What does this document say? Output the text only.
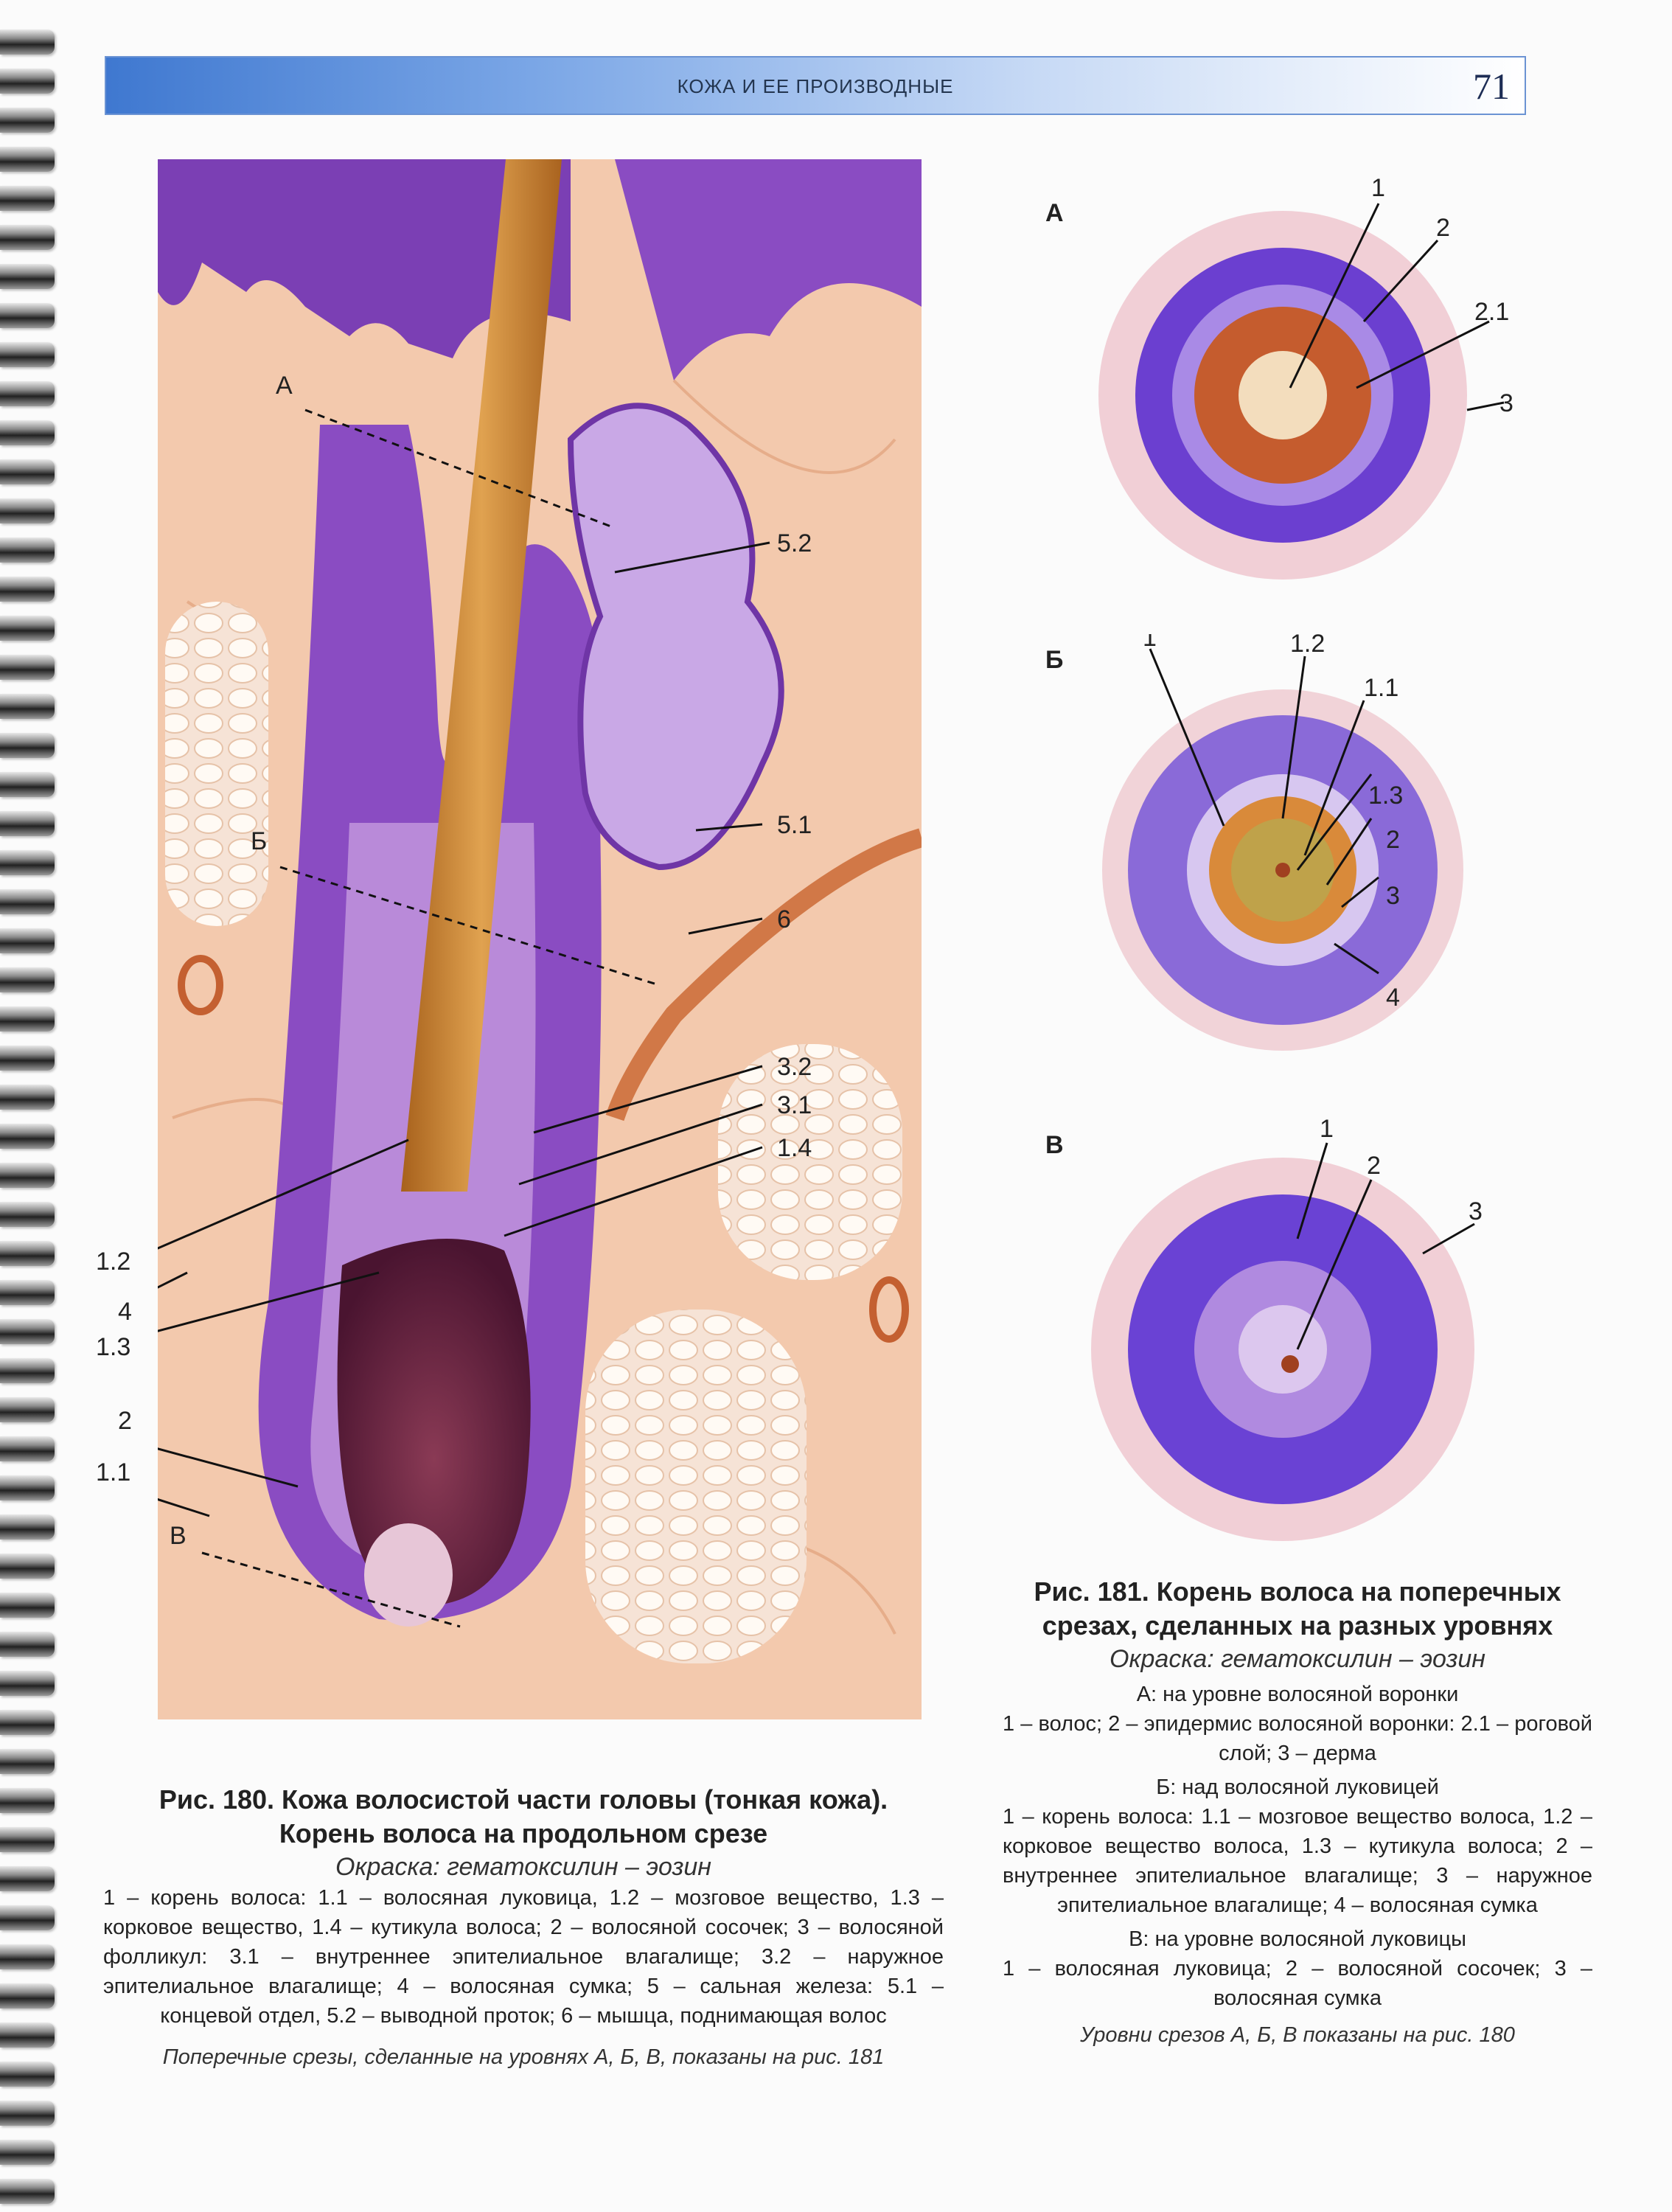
КОЖА И ЕЕ ПРОИЗВОДНЫЕ	71
А
Б
В
5.2
5.1
6
3.2
3.1
1.4
1.2
4
1.3
2
1.1
А
1
2
2.1
3
Б
1	1.2
1.1
1.3
2
3
4
В
1
2
3
Рис. 180. Кожа волосистой части головы (тонкая кожа).
Корень волоса на продольном срезе
Окраска: гематоксилин – эозин
1 – корень волоса: 1.1 – волосяная луковица, 1.2 – мозговое вещество, 1.3 – корковое вещество, 1.4 – кутикула волоса; 2 – волосяной сосочек; 3 – волосяной фолликул: 3.1 – внутреннее эпителиальное влагалище; 3.2 – наружное эпителиальное влагалище; 4 – волосяная сумка; 5 – сальная железа: 5.1 – концевой отдел, 5.2 – выводной проток; 6 – мышца, поднимающая волос
Поперечные срезы, сделанные на уровнях А, Б, В, показаны на рис. 181
Рис. 181. Корень волоса на поперечных
срезах, сделанных на разных уровнях
Окраска: гематоксилин – эозин
А: на уровне волосяной воронки
1 – волос; 2 – эпидермис волосяной воронки: 2.1 – роговой слой; 3 – дерма
Б: над волосяной луковицей
1 – корень волоса: 1.1 – мозговое вещество волоса, 1.2 – корковое вещество волоса, 1.3 – кутикула волоса; 2 – внутреннее эпителиальное влагалище; 3 – наружное эпителиальное влагалище; 4 – волосяная сумка
В: на уровне волосяной луковицы
1 – волосяная луковица; 2 – волосяной сосочек; 3 – волосяная сумка
Уровни срезов А, Б, В показаны на рис. 180
